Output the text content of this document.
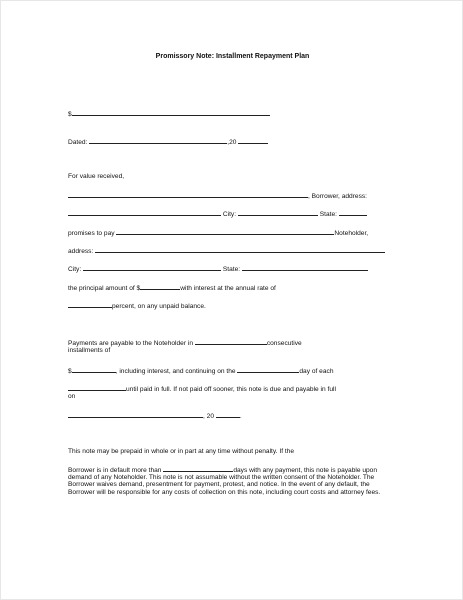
Promissory Note: Installment Repayment Plan
$
Dated:	,20
For value received,
, Borrower, address:
City:	State:
promises to pay	Noteholder,
address:
City:	State:
the principal amount of $	with interest at the annual rate of
percent, on any unpaid balance.
Payments are payable to the Noteholder in	consecutive
installments of
$	, including interest, and continuing on the	day of each
until paid in full. If not paid off sooner, this note is due and payable in full
on
, 20	.
This note may be prepaid in whole or in part at any time without penalty. If the
Borrower is in default more than	days with any payment, this note is payable upon demand of any Noteholder. This note is not assumable without the written consent of the Noteholder. The Borrower waives demand, presentment for payment, protest, and notice. In the event of any default, the Borrower will be responsible for any costs of collection on this note, including court costs and attorney fees.
